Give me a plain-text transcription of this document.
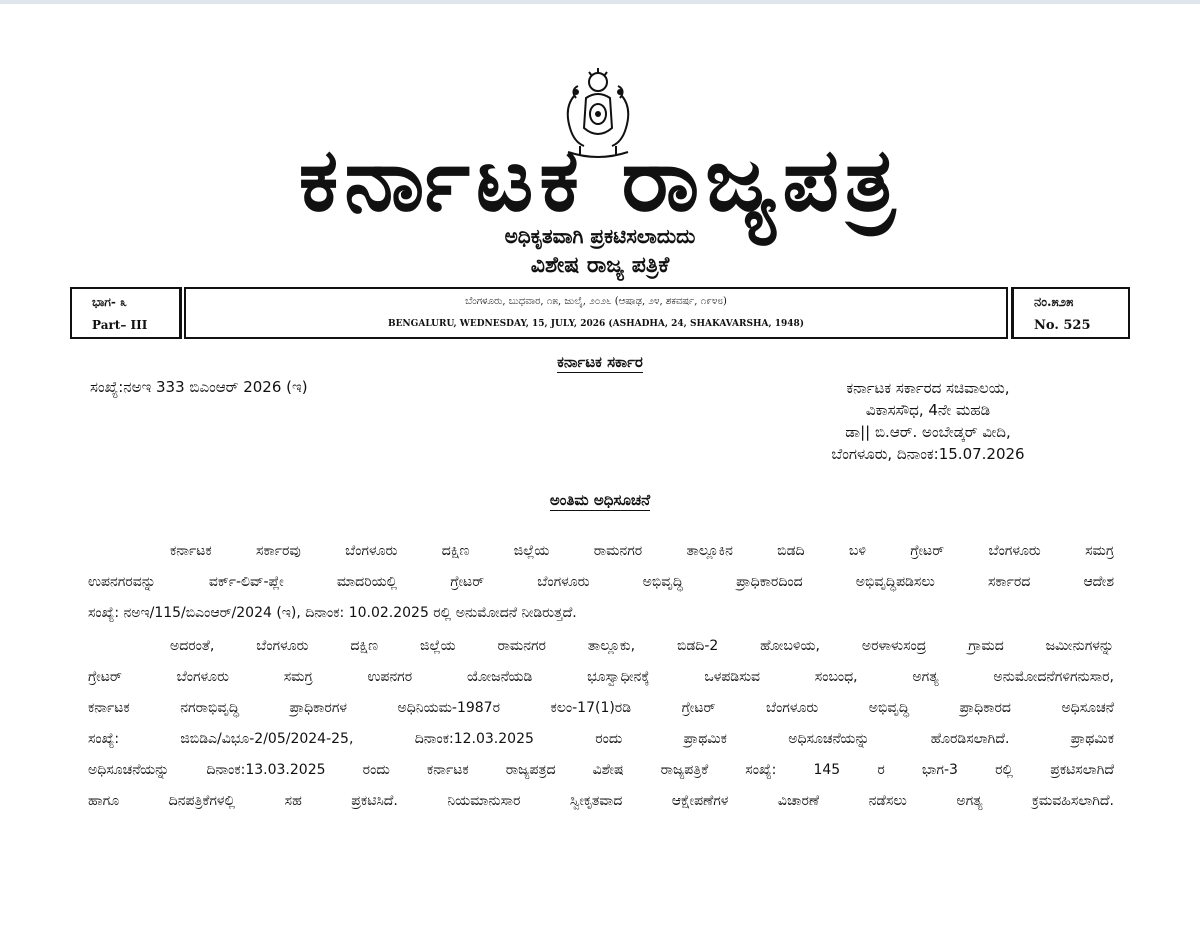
ಕರ್ನಾಟಕ ರಾಜ್ಯಪತ್ರ
ಅಧಿಕೃತವಾಗಿ ಪ್ರಕಟಿಸಲಾದುದು
ವಿಶೇಷ ರಾಜ್ಯ ಪತ್ರಿಕೆ
ಭಾಗ- ೩
Part– III
ಬೆಂಗಳೂರು, ಬುಧವಾರ, ೧೫, ಜುಲೈ, ೨೦೨೬ (ಆಷಾಢ, ೨೪, ಶಕವರ್ಷ, ೧೯೪೮)
BENGALURU, WEDNESDAY, 15, JULY, 2026 (ASHADHA, 24, SHAKAVARSHA, 1948)
ನಂ.೫೨೫
No. 525
ಕರ್ನಾಟಕ ಸರ್ಕಾರ
ಸಂಖ್ಯೆ:ನಅಇ 333 ಬಿಎಂಆರ್ 2026 (ಇ)	ಕರ್ನಾಟಕ ಸರ್ಕಾರದ ಸಚಿವಾಲಯ,
ವಿಕಾಸಸೌಧ, 4ನೇ ಮಹಡಿ
ಡಾ|| ಬಿ.ಆರ್. ಅಂಬೇಡ್ಕರ್ ವೀದಿ,
ಬೆಂಗಳೂರು, ದಿನಾಂಕ:15.07.2026
ಅಂತಿಮ ಅಧಿಸೂಚನೆ
ಕರ್ನಾಟಕ ಸರ್ಕಾರವು ಬೆಂಗಳೂರು ದಕ್ಷಿಣ ಜಿಲ್ಲೆಯ ರಾಮನಗರ ತಾಲ್ಲೂಕಿನ ಬಿಡದಿ ಬಳಿ ಗ್ರೇಟರ್ ಬೆಂಗಳೂರು ಸಮಗ್ರ
ಉಪನಗರವನ್ನು ವರ್ಕ್-ಲಿವ್-ಪ್ಲೇ ಮಾದರಿಯಲ್ಲಿ ಗ್ರೇಟರ್ ಬೆಂಗಳೂರು ಅಭಿವೃದ್ಧಿ ಪ್ರಾಧಿಕಾರದಿಂದ ಅಭಿವೃದ್ಧಿಪಡಿಸಲು ಸರ್ಕಾರದ ಆದೇಶ
ಸಂಖ್ಯೆ: ನಅಇ/115/ಬಿಎಂಆರ್/2024 (ಇ), ದಿನಾಂಕ: 10.02.2025 ರಲ್ಲಿ ಅನುಮೋದನೆ ನೀಡಿರುತ್ತದೆ.
ಅದರಂತೆ, ಬೆಂಗಳೂರು ದಕ್ಷಿಣ ಜಿಲ್ಲೆಯ ರಾಮನಗರ ತಾಲ್ಲೂಕು, ಬಿಡದಿ-2 ಹೋಬಳಿಯ, ಅರಳಾಳುಸಂದ್ರ ಗ್ರಾಮದ ಜಮೀನುಗಳನ್ನು
ಗ್ರೇಟರ್ ಬೆಂಗಳೂರು ಸಮಗ್ರ ಉಪನಗರ ಯೋಜನೆಯಡಿ ಭೂಸ್ವಾಧೀನಕ್ಕೆ ಒಳಪಡಿಸುವ ಸಂಬಂಧ, ಅಗತ್ಯ ಅನುಮೋದನೆಗಳಿಗನುಸಾರ,
ಕರ್ನಾಟಕ ನಗರಾಭಿವೃದ್ಧಿ ಪ್ರಾಧಿಕಾರಗಳ ಅಧಿನಿಯಮ-1987ರ ಕಲಂ-17(1)ರಡಿ ಗ್ರೇಟರ್ ಬೆಂಗಳೂರು ಅಭಿವೃದ್ಧಿ ಪ್ರಾಧಿಕಾರದ ಅಧಿಸೂಚನೆ
ಸಂಖ್ಯೆ: ಜಿಬಿಡಿಎ/ವಿಭೂ-2/05/2024-25, ದಿನಾಂಕ:12.03.2025 ರಂದು ಪ್ರಾಥಮಿಕ ಅಧಿಸೂಚನೆಯನ್ನು ಹೊರಡಿಸಲಾಗಿದೆ. ಪ್ರಾಥಮಿಕ
ಅಧಿಸೂಚನೆಯನ್ನು ದಿನಾಂಕ:13.03.2025 ರಂದು ಕರ್ನಾಟಕ ರಾಜ್ಯಪತ್ರದ ವಿಶೇಷ ರಾಜ್ಯಪತ್ರಿಕೆ ಸಂಖ್ಯೆ: 145 ರ ಭಾಗ-3 ರಲ್ಲಿ ಪ್ರಕಟಿಸಲಾಗಿದೆ
ಹಾಗೂ ದಿನಪತ್ರಿಕೆಗಳಲ್ಲಿ ಸಹ ಪ್ರಕಟಿಸಿದೆ. ನಿಯಮಾನುಸಾರ ಸ್ವೀಕೃತವಾದ ಆಕ್ಷೇಪಣೆಗಳ ವಿಚಾರಣೆ ನಡೆಸಲು ಅಗತ್ಯ ಕ್ರಮವಹಿಸಲಾಗಿದೆ.
